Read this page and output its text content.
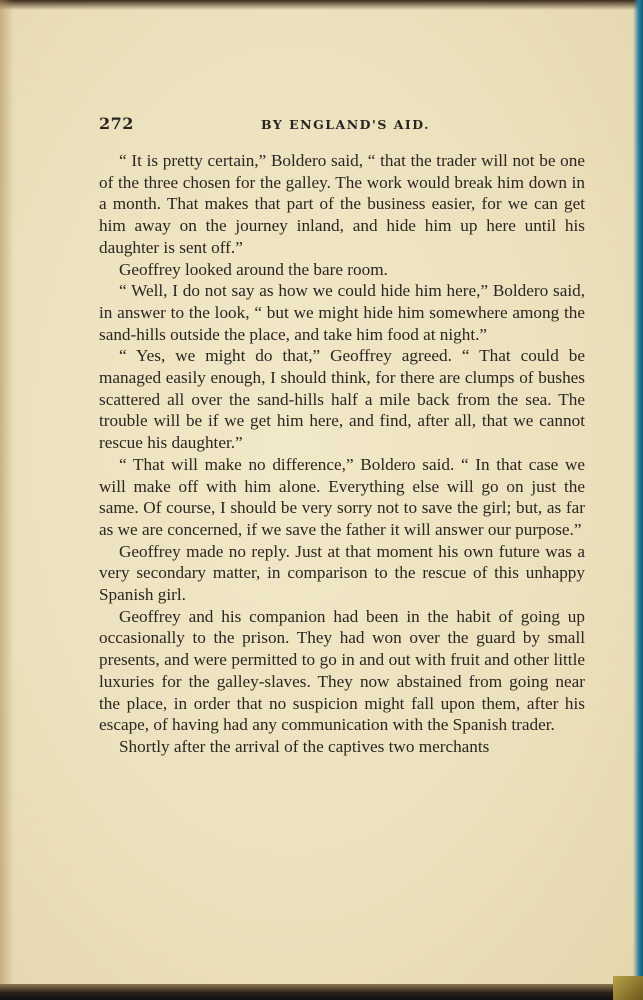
272	BY ENGLAND'S AID.

“ It is pretty certain,” Boldero said, “ that the trader will not be one of the three chosen for the galley. The work would break him down in a month. That makes that part of the business easier, for we can get him away on the journey inland, and hide him up here until his daughter is sent off.”

Geoffrey looked around the bare room.

“ Well, I do not say as how we could hide him here,” Boldero said, in answer to the look, “ but we might hide him somewhere among the sand-hills outside the place, and take him food at night.”

“ Yes, we might do that,” Geoffrey agreed. “ That could be managed easily enough, I should think, for there are clumps of bushes scattered all over the sand-hills half a mile back from the sea. The trouble will be if we get him here, and find, after all, that we cannot rescue his daughter.”

“ That will make no difference,” Boldero said. “ In that case we will make off with him alone. Everything else will go on just the same. Of course, I should be very sorry not to save the girl; but, as far as we are concerned, if we save the father it will answer our purpose.”

Geoffrey made no reply. Just at that moment his own future was a very secondary matter, in comparison to the rescue of this unhappy Spanish girl.

Geoffrey and his companion had been in the habit of going up occasionally to the prison. They had won over the guard by small presents, and were permitted to go in and out with fruit and other little luxuries for the galley-slaves. They now abstained from going near the place, in order that no suspicion might fall upon them, after his escape, of having had any communication with the Spanish trader.

Shortly after the arrival of the captives two merchants
